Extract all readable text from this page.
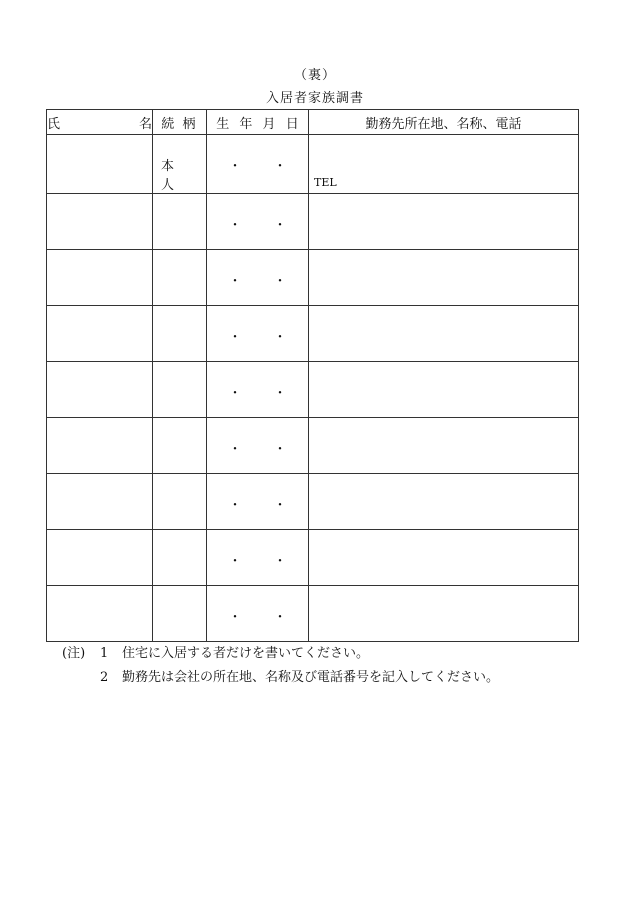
（裏）
入居者家族調書
氏 名	続 柄	生 年 月 日	勤務先所在地、名称、電話

	本 人	・ ・	TEL

		・ ・	

		・ ・	

		・ ・	

		・ ・	

		・ ・	

		・ ・	

		・ ・	

		・ ・	

(注)	1	住宅に入居する者だけを書いてください。
2	勤務先は会社の所在地、名称及び電話番号を記入してください。
